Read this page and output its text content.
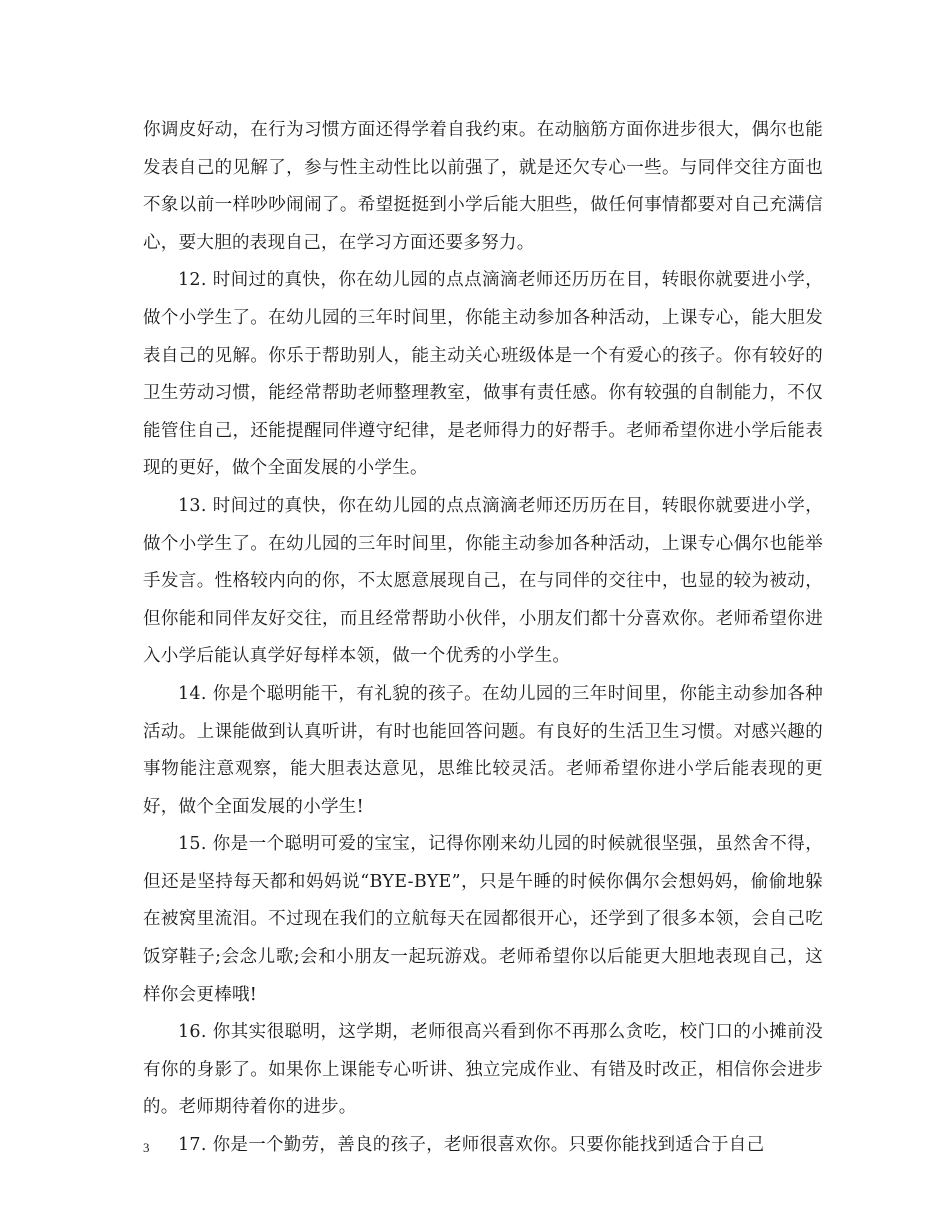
你调皮好动，在行为习惯方面还得学着自我约束。在动脑筋方面你进步很大，偶尔也能发表自己的见解了，参与性主动性比以前强了，就是还欠专心一些。与同伴交往方面也不象以前一样吵吵闹闹了。希望挺挺到小学后能大胆些，做任何事情都要对自己充满信心，要大胆的表现自己，在学习方面还要多努力。

12. 时间过的真快，你在幼儿园的点点滴滴老师还历历在目，转眼你就要进小学，做个小学生了。在幼儿园的三年时间里，你能主动参加各种活动，上课专心，能大胆发表自己的见解。你乐于帮助别人，能主动关心班级体是一个有爱心的孩子。你有较好的卫生劳动习惯，能经常帮助老师整理教室，做事有责任感。你有较强的自制能力，不仅能管住自己，还能提醒同伴遵守纪律，是老师得力的好帮手。老师希望你进小学后能表现的更好，做个全面发展的小学生。

13. 时间过的真快，你在幼儿园的点点滴滴老师还历历在目，转眼你就要进小学，做个小学生了。在幼儿园的三年时间里，你能主动参加各种活动，上课专心偶尔也能举手发言。性格较内向的你，不太愿意展现自己，在与同伴的交往中，也显的较为被动，但你能和同伴友好交往，而且经常帮助小伙伴，小朋友们都十分喜欢你。老师希望你进入小学后能认真学好每样本领，做一个优秀的小学生。

14. 你是个聪明能干，有礼貌的孩子。在幼儿园的三年时间里，你能主动参加各种活动。上课能做到认真听讲，有时也能回答问题。有良好的生活卫生习惯。对感兴趣的事物能注意观察，能大胆表达意见，思维比较灵活。老师希望你进小学后能表现的更好，做个全面发展的小学生!

15. 你是一个聪明可爱的宝宝，记得你刚来幼儿园的时候就很坚强，虽然舍不得，但还是坚持每天都和妈妈说“BYE-BYE”，只是午睡的时候你偶尔会想妈妈，偷偷地躲在被窝里流泪。不过现在我们的立航每天在园都很开心，还学到了很多本领，会自己吃饭穿鞋子;会念儿歌;会和小朋友一起玩游戏。老师希望你以后能更大胆地表现自己，这样你会更棒哦!

16. 你其实很聪明，这学期，老师很高兴看到你不再那么贪吃，校门口的小摊前没有你的身影了。如果你上课能专心听讲、独立完成作业、有错及时改正，相信你会进步的。老师期待着你的进步。

17. 你是一个勤劳，善良的孩子，老师很喜欢你。只要你能找到适合于自己

3
